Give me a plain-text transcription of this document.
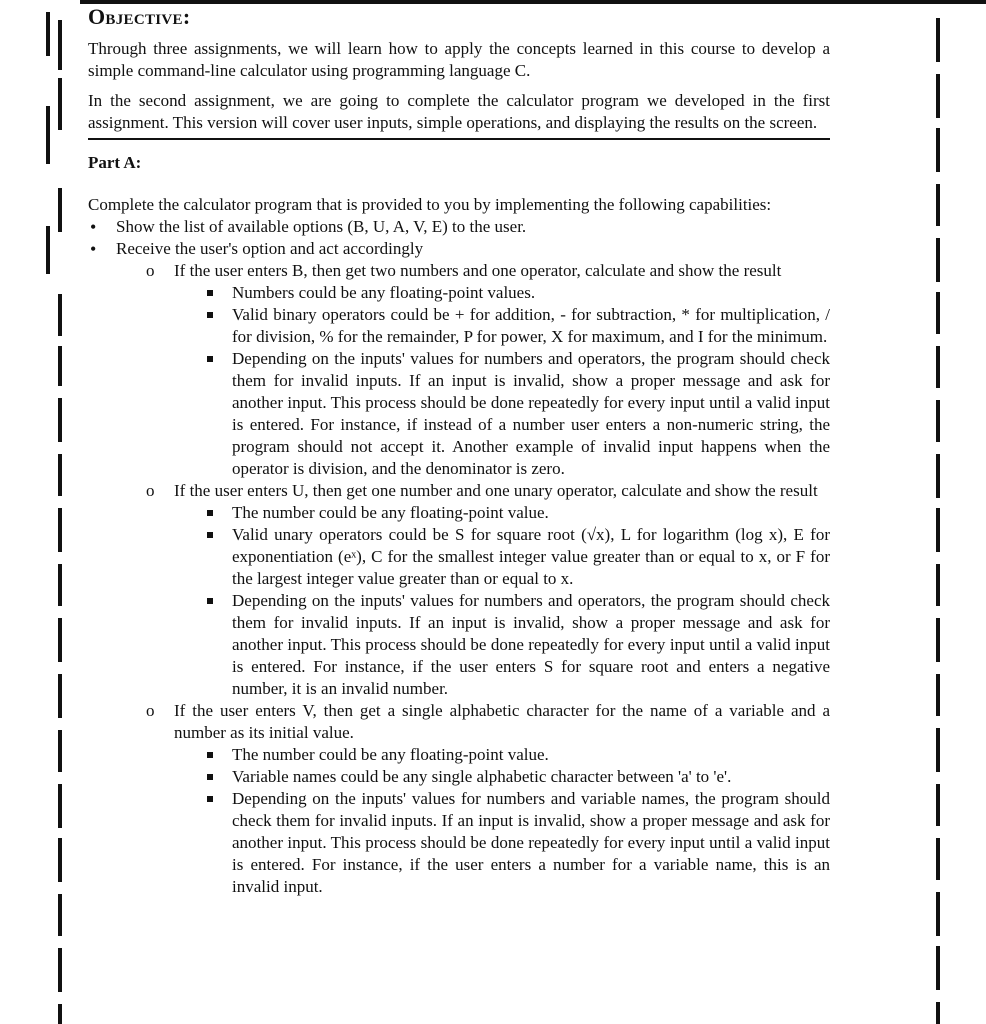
Objective:

Through three assignments, we will learn how to apply the concepts learned in this course to develop a simple command-line calculator using programming language C.

In the second assignment, we are going to complete the calculator program we developed in the first assignment. This version will cover user inputs, simple operations, and displaying the results on the screen.

Part A:

Complete the calculator program that is provided to you by implementing the following capabilities:

• Show the list of available options (B, U, A, V, E) to the user.
• Receive the user's option and act accordingly
o If the user enters B, then get two numbers and one operator, calculate and show the result
Numbers could be any floating-point values.
Valid binary operators could be + for addition, - for subtraction, * for multiplication, / for division, % for the remainder, P for power, X for maximum, and I for the minimum.
Depending on the inputs' values for numbers and operators, the program should check them for invalid inputs. If an input is invalid, show a proper message and ask for another input. This process should be done repeatedly for every input until a valid input is entered. For instance, if instead of a number user enters a non-numeric string, the program should not accept it. Another example of invalid input happens when the operator is division, and the denominator is zero.
o If the user enters U, then get one number and one unary operator, calculate and show the result
The number could be any floating-point value.
Valid unary operators could be S for square root (√x), L for logarithm (log x), E for exponentiation (eˣ), C for the smallest integer value greater than or equal to x, or F for the largest integer value greater than or equal to x.
Depending on the inputs' values for numbers and operators, the program should check them for invalid inputs. If an input is invalid, show a proper message and ask for another input. This process should be done repeatedly for every input until a valid input is entered. For instance, if the user enters S for square root and enters a negative number, it is an invalid number.
o If the user enters V, then get a single alphabetic character for the name of a variable and a number as its initial value.
The number could be any floating-point value.
Variable names could be any single alphabetic character between 'a' to 'e'.
Depending on the inputs' values for numbers and variable names, the program should check them for invalid inputs. If an input is invalid, show a proper message and ask for another input. This process should be done repeatedly for every input until a valid input is entered. For instance, if the user enters a number for a variable name, this is an invalid input.
